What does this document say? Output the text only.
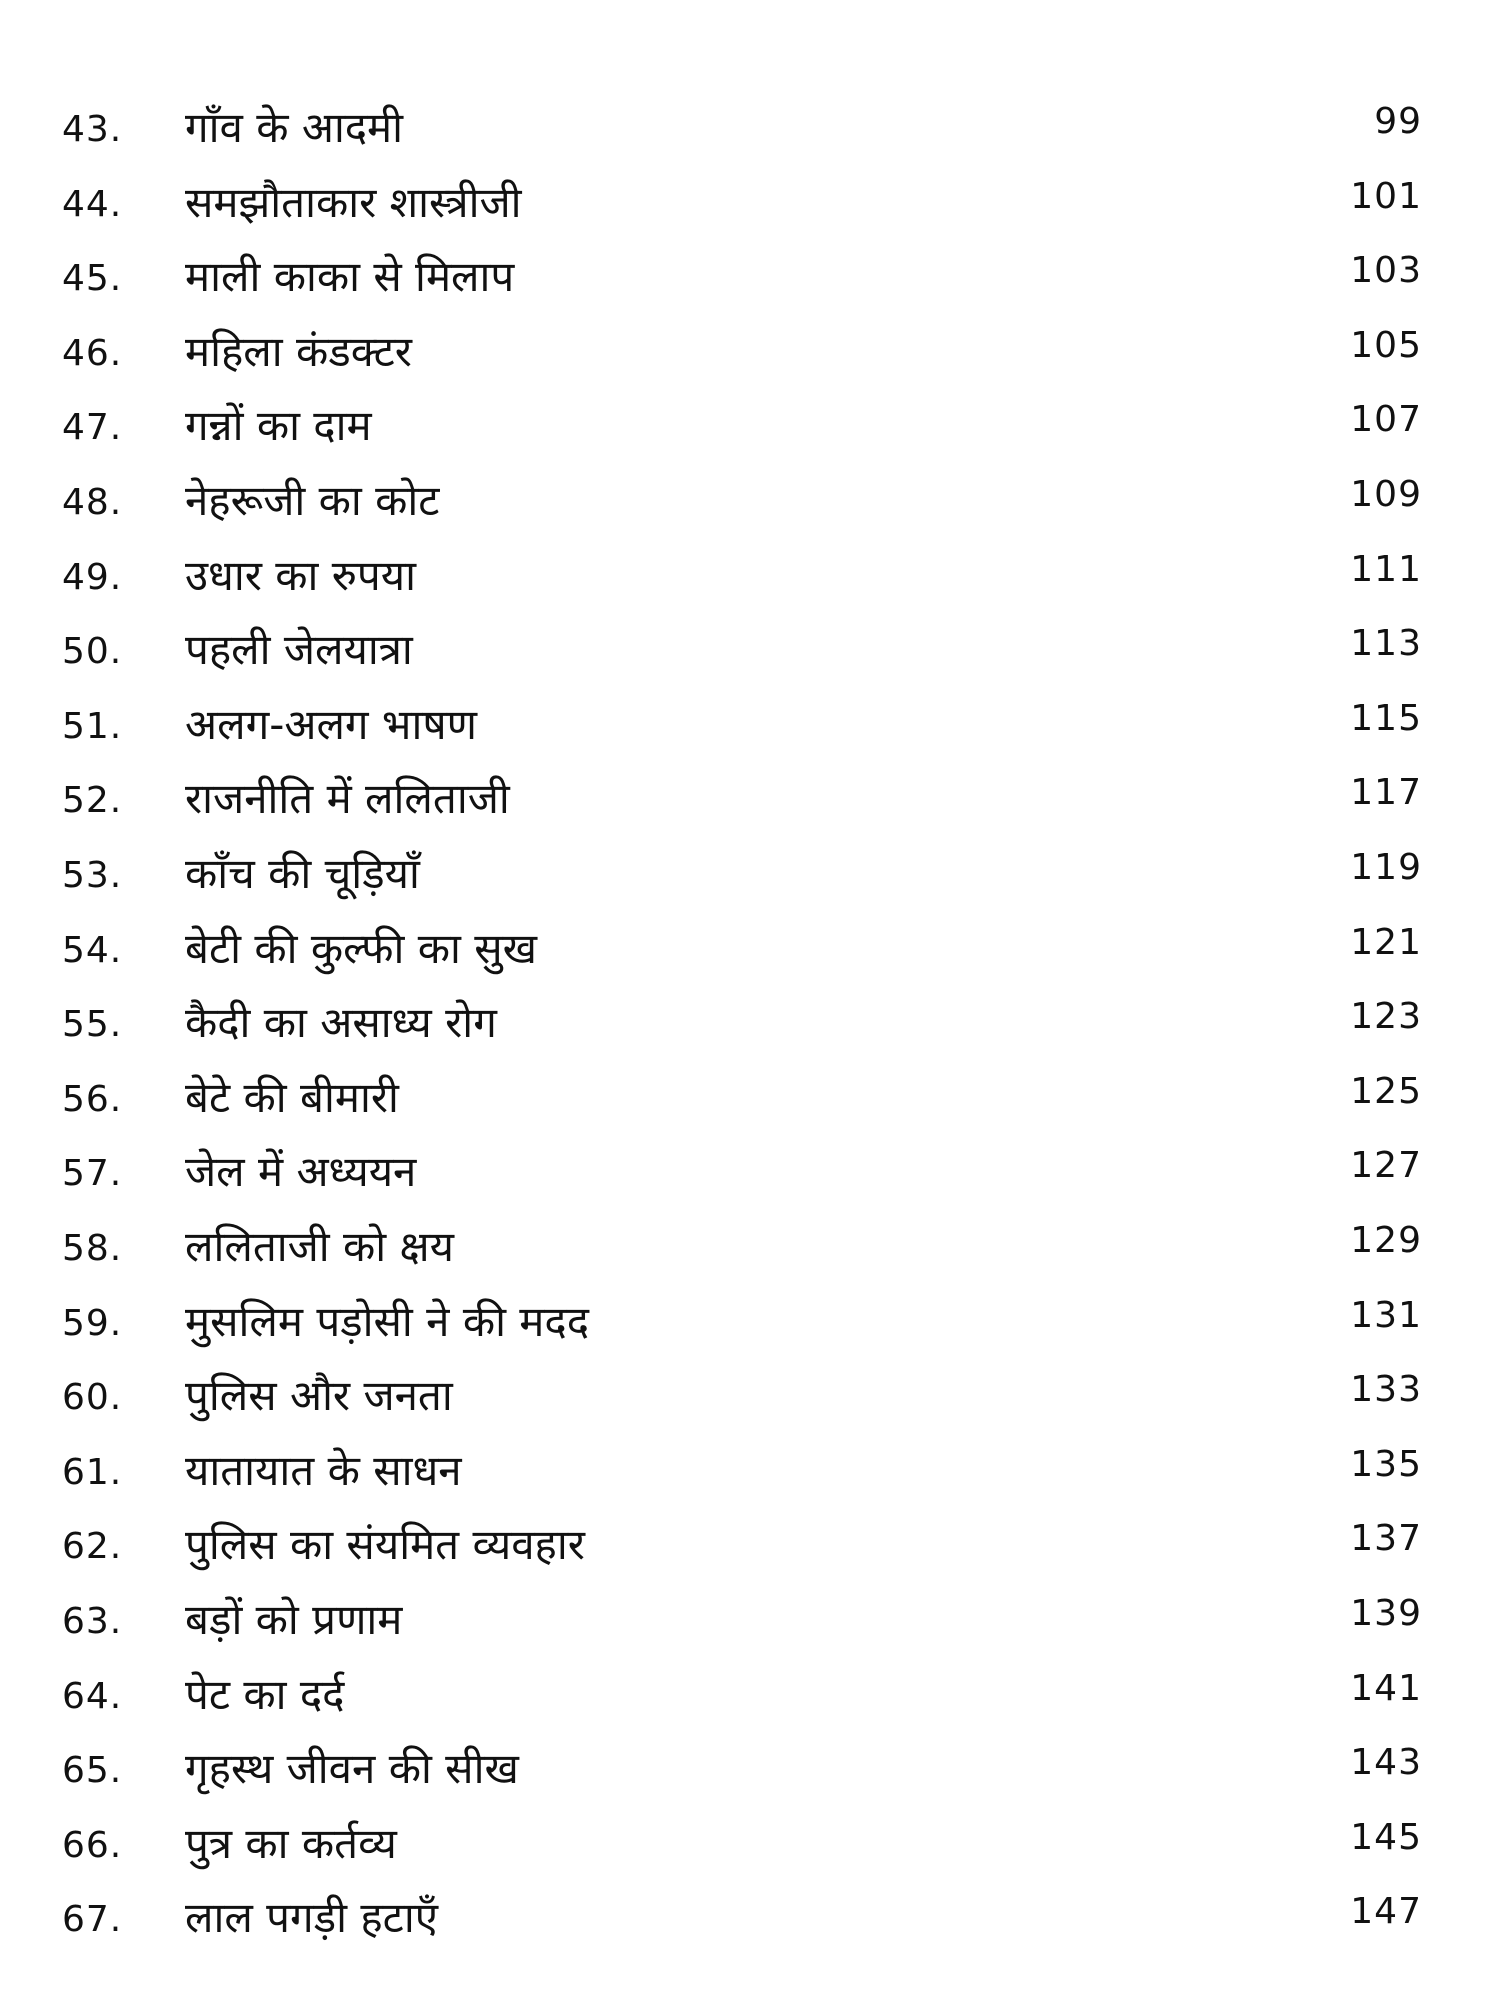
43. गाँव के आदमी	99
44. समझौताकार शास्त्रीजी	101
45. माली काका से मिलाप	103
46. महिला कंडक्टर	105
47. गन्नों का दाम	107
48. नेहरूजी का कोट	109
49. उधार का रुपया	111
50. पहली जेलयात्रा	113
51. अलग-अलग भाषण	115
52. राजनीति में ललिताजी	117
53. काँच की चूड़ियाँ	119
54. बेटी की कुल्फी का सुख	121
55. कैदी का असाध्य रोग	123
56. बेटे की बीमारी	125
57. जेल में अध्ययन	127
58. ललिताजी को क्षय	129
59. मुसलिम पड़ोसी ने की मदद	131
60. पुलिस और जनता	133
61. यातायात के साधन	135
62. पुलिस का संयमित व्यवहार	137
63. बड़ों को प्रणाम	139
64. पेट का दर्द	141
65. गृहस्थ जीवन की सीख	143
66. पुत्र का कर्तव्य	145
67. लाल पगड़ी हटाएँ	147
